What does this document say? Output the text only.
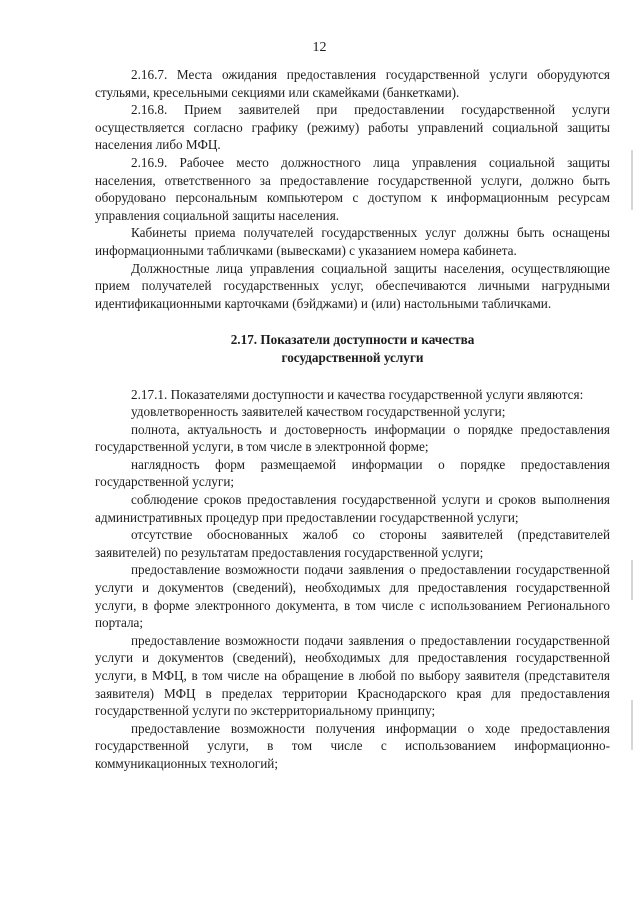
12

2.16.7. Места ожидания предоставления государственной услуги оборудуются стульями, кресельными секциями или скамейками (банкетками).

2.16.8. Прием заявителей при предоставлении государственной услуги осуществляется согласно графику (режиму) работы управлений социальной защиты населения либо МФЦ.

2.16.9. Рабочее место должностного лица управления социальной защиты населения, ответственного за предоставление государственной услуги, должно быть оборудовано персональным компьютером с доступом к информационным ресурсам управления социальной защиты населения.

Кабинеты приема получателей государственных услуг должны быть оснащены информационными табличками (вывесками) с указанием номера кабинета.

Должностные лица управления социальной защиты населения, осуществляющие прием получателей государственных услуг, обеспечиваются личными нагрудными идентификационными карточками (бэйджами) и (или) настольными табличками.

2.17. Показатели доступности и качества
государственной услуги

2.17.1. Показателями доступности и качества государственной услуги являются:

удовлетворенность заявителей качеством государственной услуги;

полнота, актуальность и достоверность информации о порядке предоставления государственной услуги, в том числе в электронной форме;

наглядность форм размещаемой информации о порядке предоставления государственной услуги;

соблюдение сроков предоставления государственной услуги и сроков выполнения административных процедур при предоставлении государственной услуги;

отсутствие обоснованных жалоб со стороны заявителей (представителей заявителей) по результатам предоставления государственной услуги;

предоставление возможности подачи заявления о предоставлении государственной услуги и документов (сведений), необходимых для предоставления государственной услуги, в форме электронного документа, в том числе с использованием Регионального портала;

предоставление возможности подачи заявления о предоставлении государственной услуги и документов (сведений), необходимых для предоставления государственной услуги, в МФЦ, в том числе на обращение в любой по выбору заявителя (представителя заявителя) МФЦ в пределах территории Краснодарского края для предоставления государственной услуги по экстерриториальному принципу;

предоставление возможности получения информации о ходе предоставления государственной услуги, в том числе с использованием информационно-коммуникационных технологий;
